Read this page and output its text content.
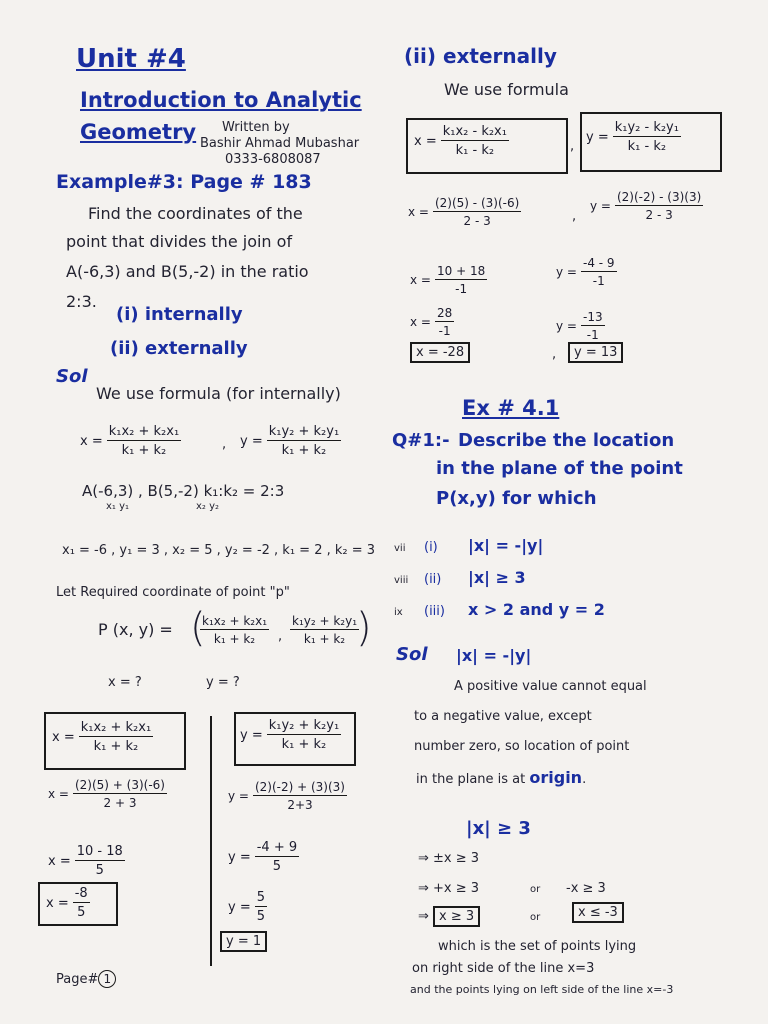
Unit #4
Introduction to Analytic
Geometry Written by
Bashir Ahmad Mubashar
0333-6808087
Example#3: Page # 183
Find the coordinates of the
point that divides the join of
A(-6,3) and B(5,-2) in the ratio
2:3.
(i) internally
(ii) externally
Sol
We use formula (for internally)
$x = \frac{\text{k₁x₂ + k₂x₁}}{\text{k₁ + k₂}}$	, $y = \frac{\text{k₁y₂ + k₂y₁}}{\text{k₁ + k₂}}$
A(-6,3) , B(5,-2) k₁:k₂ = 2:3
x₁ y₁	x₂ y₂
x₁ = -6 , y₁ = 3 , x₂ = 5 , y₂ = -2 , k₁ = 2 , k₂ = 3
Let Required coordinate of point "p"
P (x, y) = (
$\frac{\text{k₁x₂ + k₂x₁}}{\text{k₁ + k₂}}$ , $\frac{\text{k₁y₂ + k₂y₁}}{\text{k₁ + k₂}}$
)
x = ?	y = ?
$x = \frac{\text{k₁x₂ + k₂x₁}}{\text{k₁ + k₂}}$
$x = \frac{(2)(5) + (3)(-6)}{2 + 3}$
$x = \frac{10 - 18}{5}$
$x = \frac{-8}{5}$
$y = \frac{\text{k₁y₂ + k₂y₁}}{\text{k₁ + k₂}}$
$y = \frac{(2)(-2) + (3)(3)}{2+3}$
$y = \frac{-4 + 9}{5}$
$y = \frac{5}{5}$
y = 1
Page# 1
(ii) externally
We use formula
$x = \frac{\text{k₁x₂ - k₂x₁}}{\text{k₁ - k₂}}$	,
$y = \frac{\text{k₁y₂ - k₂y₁}}{\text{k₁ - k₂}}$
$x = \frac{(2)(5) - (3)(-6)}{2 - 3}$	,
$y = \frac{(2)(-2) - (3)(3)}{2 - 3}$
$x = \frac{10 + 18}{-1}$	$y = \frac{-4 - 9}{-1}$
$x = \frac{28}{-1}$	$y = \frac{-13}{-1}$
x = -28	,	y = 13
Ex # 4.1
Q#1:- Describe the location
in the plane of the point
P(x,y) for which
vii (i) |x| = -|y|
viii (ii) |x| ≥ 3
ix (iii) x > 2 and y = 2
Sol |x| = -|y|
A positive value cannot equal
to a negative value, except
number zero, so location of point
in the plane is at origin.
|x| ≥ 3
⇒ ±x ≥ 3
⇒ +x ≥ 3	or -x ≥ 3
⇒ x ≥ 3	or	x ≤ -3
which is the set of points lying
on right side of the line x=3
and the points lying on left side of the line x=-3
